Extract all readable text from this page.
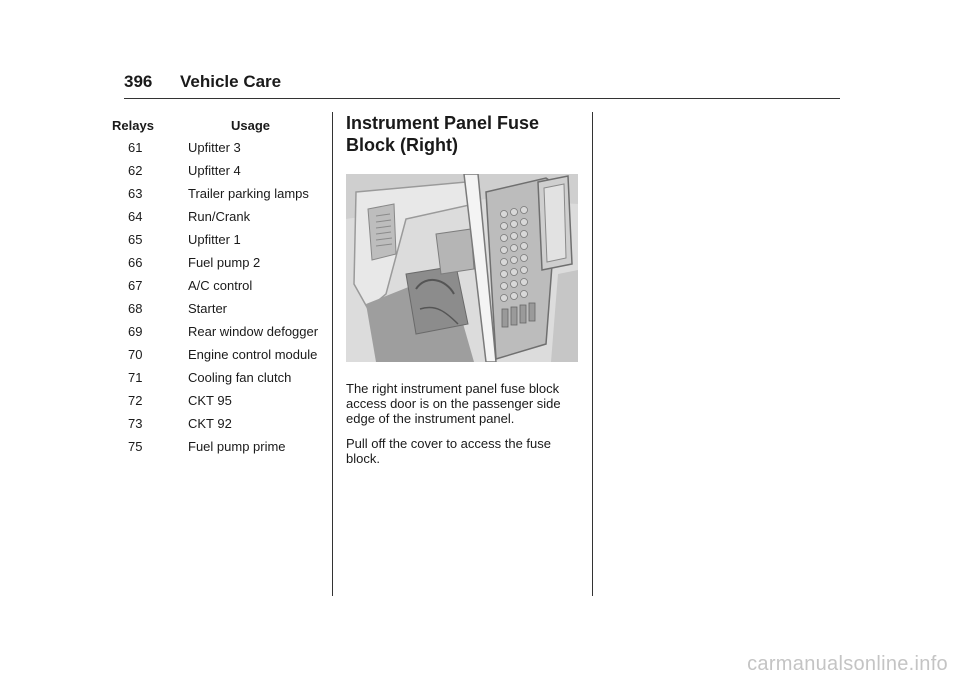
396 Vehicle Care
Relays	Usage
61	Upfitter 3
62	Upfitter 4
63	Trailer parking lamps
64	Run/Crank
65	Upfitter 1
66	Fuel pump 2
67	A/C control
68	Starter
69	Rear window defogger
70	Engine control module
71	Cooling fan clutch
72	CKT 95
73	CKT 92
75	Fuel pump prime
Instrument Panel Fuse Block (Right)

The right instrument panel fuse block access door is on the passenger side edge of the instrument panel.

Pull off the cover to access the fuse block.

carmanualsonline.info
